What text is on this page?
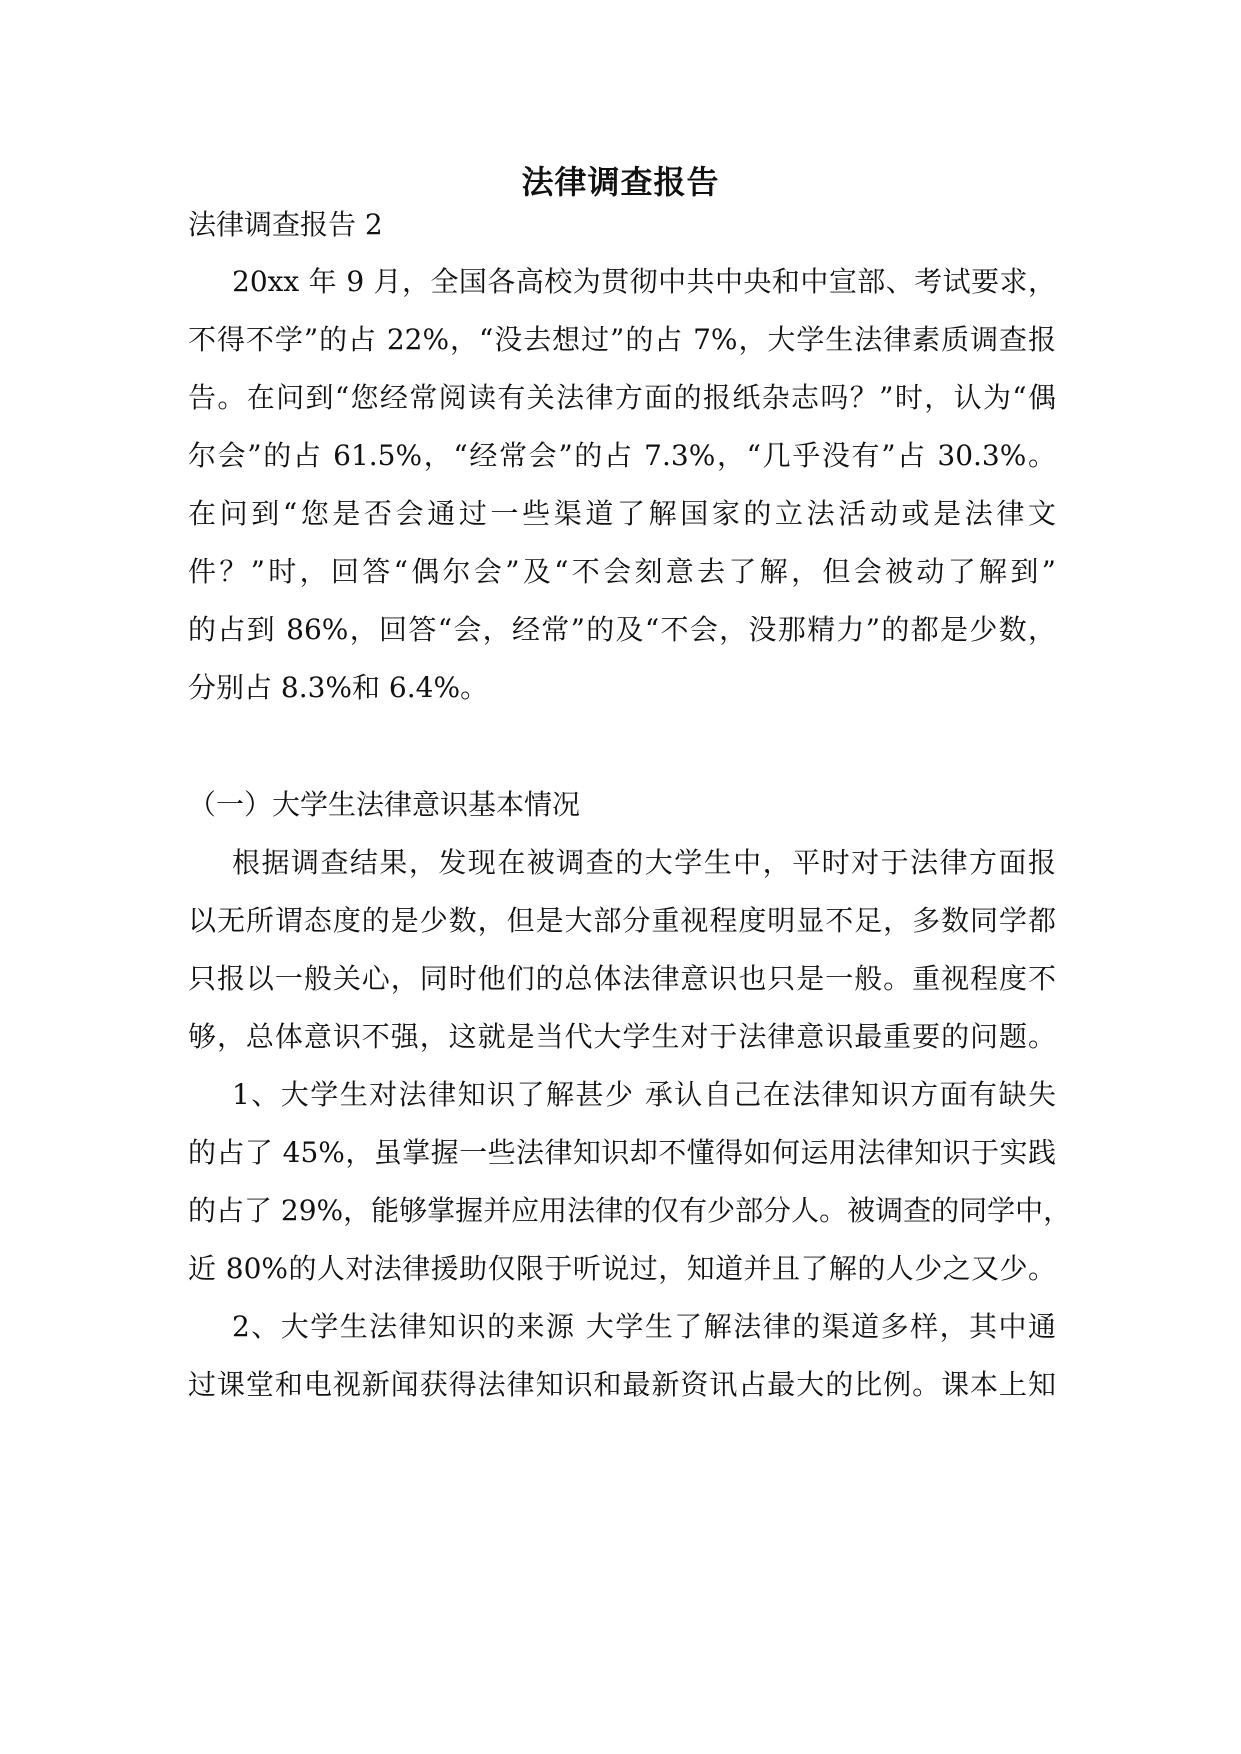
法律调查报告
法律调查报告 2
20xx 年 9 月，全国各高校为贯彻中共中央和中宣部、考试要求，
不得不学”的占 22%，“没去想过”的占 7%，大学生法律素质调查报
告。在问到“您经常阅读有关法律方面的报纸杂志吗？”时，认为“偶
尔会”的占 61.5%，“经常会”的占 7.3%，“几乎没有”占 30.3%。
在问到“您是否会通过一些渠道了解国家的立法活动或是法律文
件？”时，回答“偶尔会”及“不会刻意去了解，但会被动了解到”
的占到 86%，回答“会，经常”的及“不会，没那精力”的都是少数，
分别占 8.3%和 6.4%。
（一）大学生法律意识基本情况
根据调查结果，发现在被调查的大学生中，平时对于法律方面报
以无所谓态度的是少数，但是大部分重视程度明显不足，多数同学都
只报以一般关心，同时他们的总体法律意识也只是一般。重视程度不
够，总体意识不强，这就是当代大学生对于法律意识最重要的问题。
1、大学生对法律知识了解甚少 承认自己在法律知识方面有缺失
的占了 45%，虽掌握一些法律知识却不懂得如何运用法律知识于实践
的占了 29%，能够掌握并应用法律的仅有少部分人。被调查的同学中，
近 80%的人对法律援助仅限于听说过，知道并且了解的人少之又少。
2、大学生法律知识的来源 大学生了解法律的渠道多样，其中通
过课堂和电视新闻获得法律知识和最新资讯占最大的比例。课本上知
